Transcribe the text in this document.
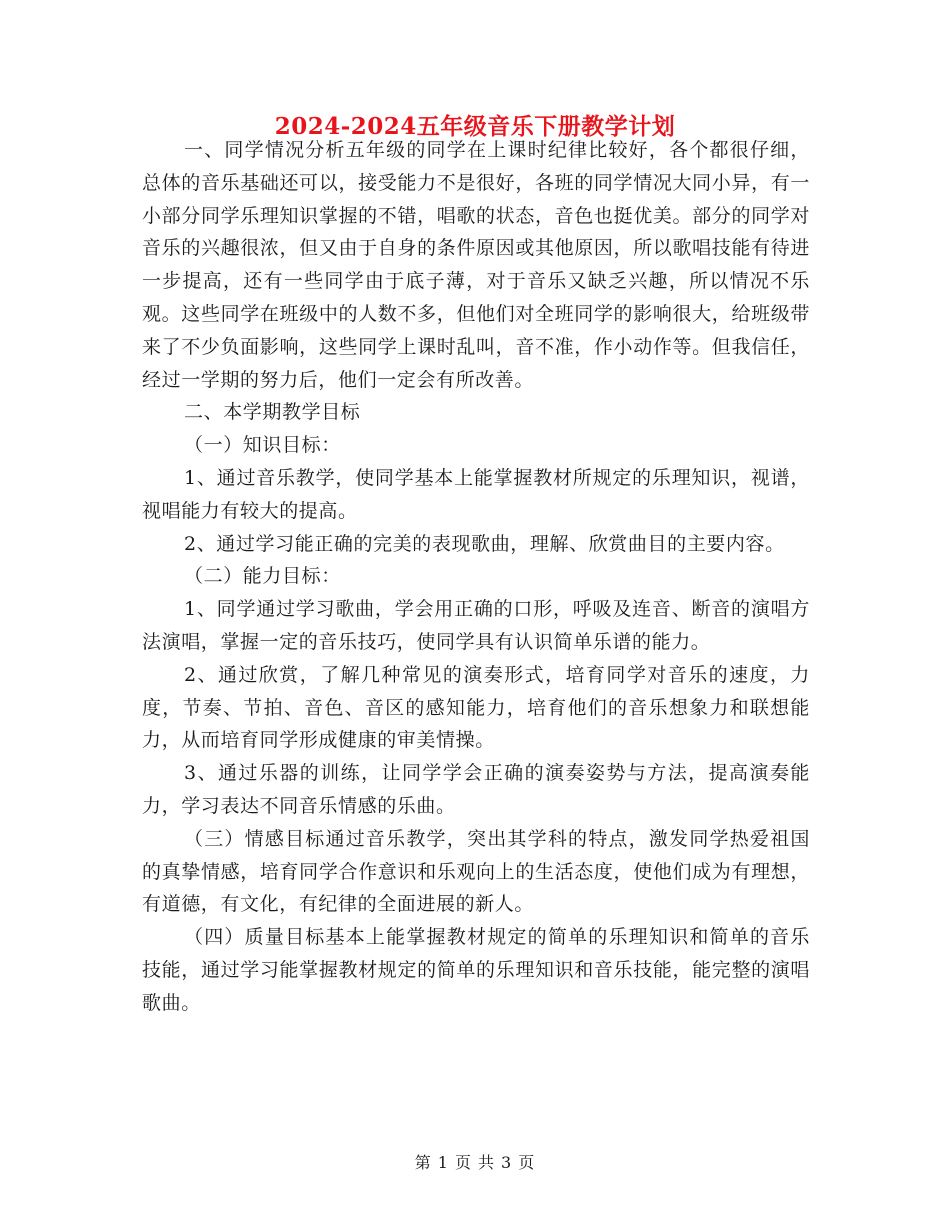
2024-2024五年级音乐下册教学计划

一、同学情况分析五年级的同学在上课时纪律比较好，各个都很仔细，总体的音乐基础还可以，接受能力不是很好，各班的同学情况大同小异，有一小部分同学乐理知识掌握的不错，唱歌的状态，音色也挺优美。部分的同学对音乐的兴趣很浓，但又由于自身的条件原因或其他原因，所以歌唱技能有待进一步提高，还有一些同学由于底子薄，对于音乐又缺乏兴趣，所以情况不乐观。这些同学在班级中的人数不多，但他们对全班同学的影响很大，给班级带来了不少负面影响，这些同学上课时乱叫，音不准，作小动作等。但我信任，经过一学期的努力后，他们一定会有所改善。

二、本学期教学目标

（一）知识目标：

1、通过音乐教学，使同学基本上能掌握教材所规定的乐理知识，视谱，视唱能力有较大的提高。

2、通过学习能正确的完美的表现歌曲，理解、欣赏曲目的主要内容。

（二）能力目标：

1、同学通过学习歌曲，学会用正确的口形，呼吸及连音、断音的演唱方法演唱，掌握一定的音乐技巧，使同学具有认识简单乐谱的能力。

2、通过欣赏，了解几种常见的演奏形式，培育同学对音乐的速度，力度，节奏、节拍、音色、音区的感知能力，培育他们的音乐想象力和联想能力，从而培育同学形成健康的审美情操。

3、通过乐器的训练，让同学学会正确的演奏姿势与方法，提高演奏能力，学习表达不同音乐情感的乐曲。

（三）情感目标通过音乐教学，突出其学科的特点，激发同学热爱祖国的真挚情感，培育同学合作意识和乐观向上的生活态度，使他们成为有理想，有道德，有文化，有纪律的全面进展的新人。

（四）质量目标基本上能掌握教材规定的简单的乐理知识和简单的音乐技能，通过学习能掌握教材规定的简单的乐理知识和音乐技能，能完整的演唱歌曲。

第 1 页 共 3 页
